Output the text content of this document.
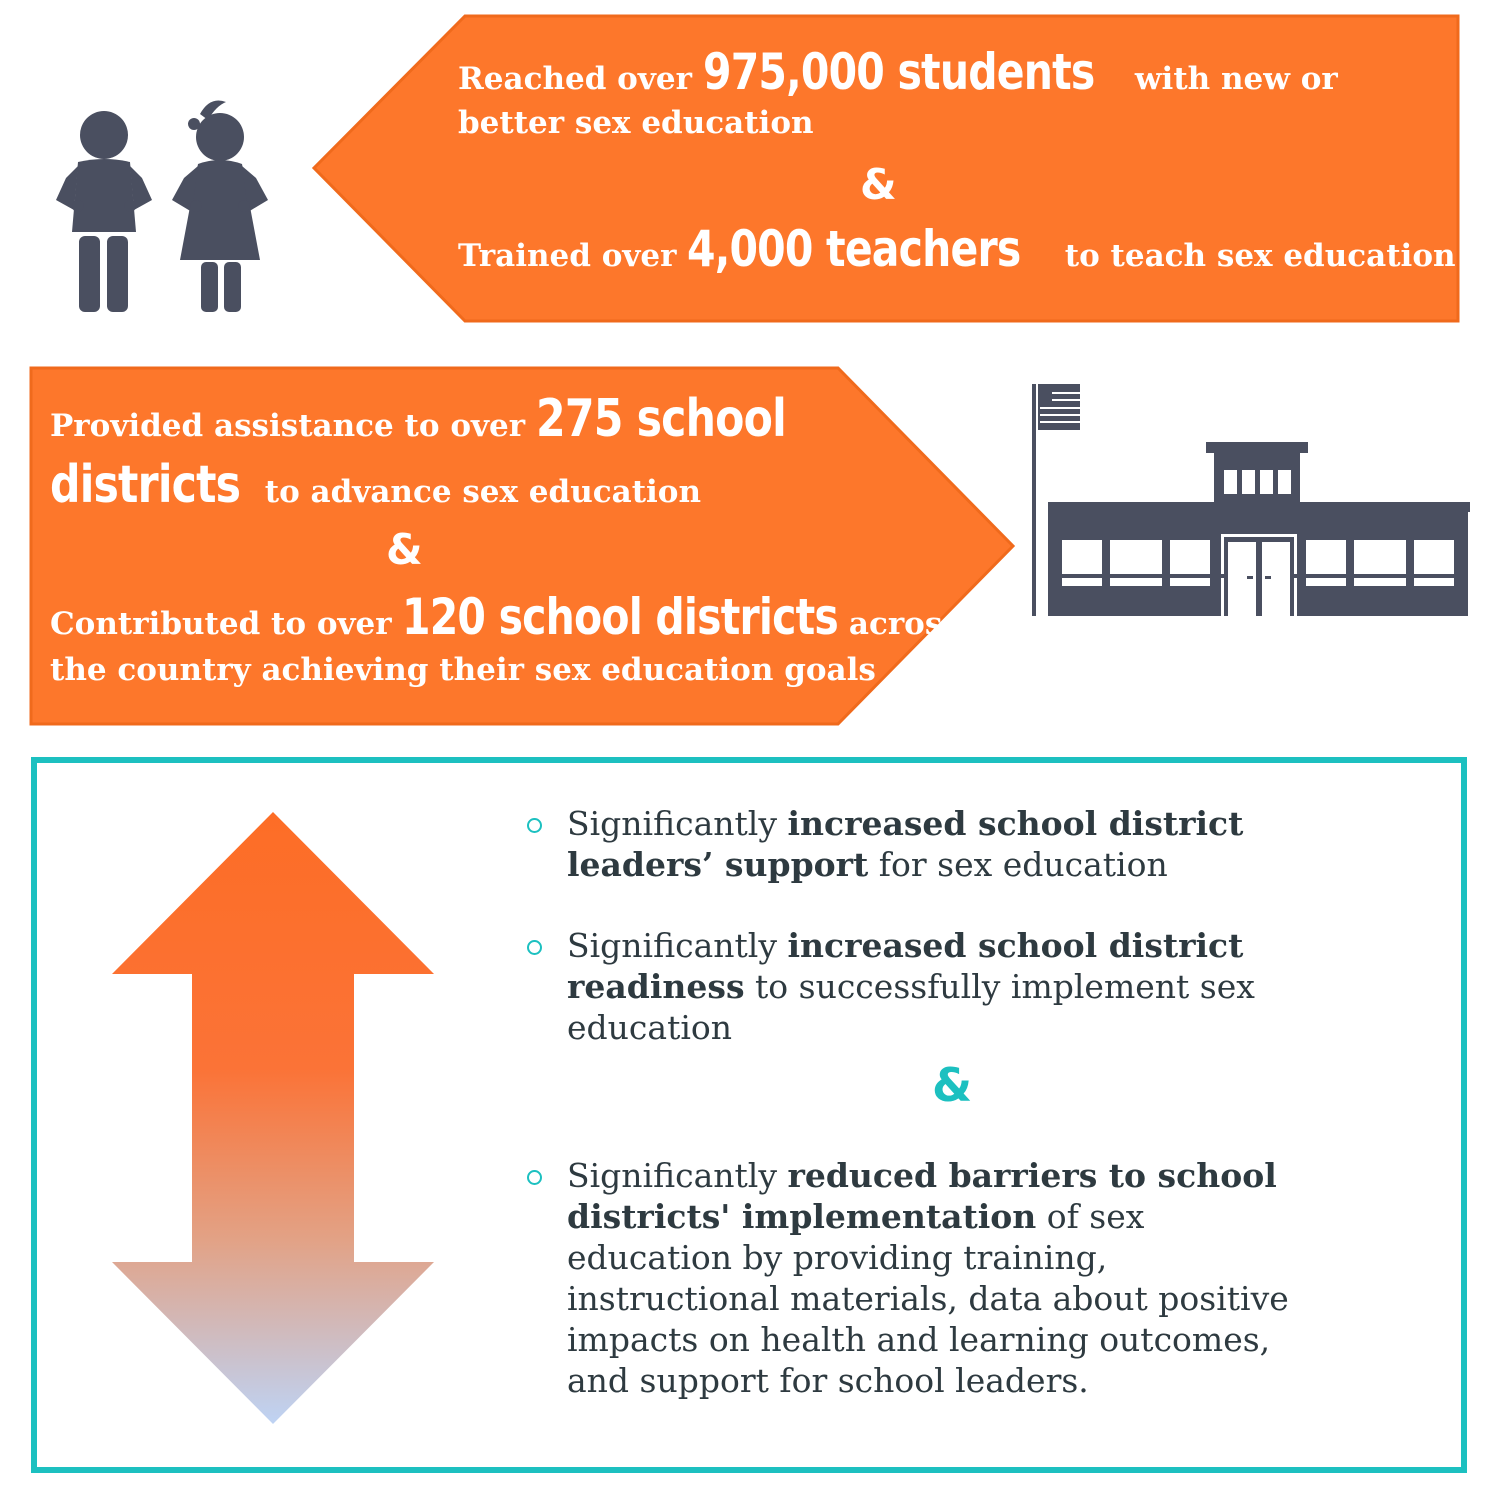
Reached over 975,000 students with new or better sex education
&
Trained over 4,000 teachers to teach sex education
Provided assistance to over 275 school
districts to advance sex education
&
Contributed to over 120 school districts across
the country achieving their sex education goals
Significantly increased school district leaders’ support for sex education
Significantly increased school district readiness to successfully implement sex education
&
Significantly reduced barriers to school districts' implementation of sex education by providing training, instructional materials, data about positive impacts on health and learning outcomes, and support for school leaders.
